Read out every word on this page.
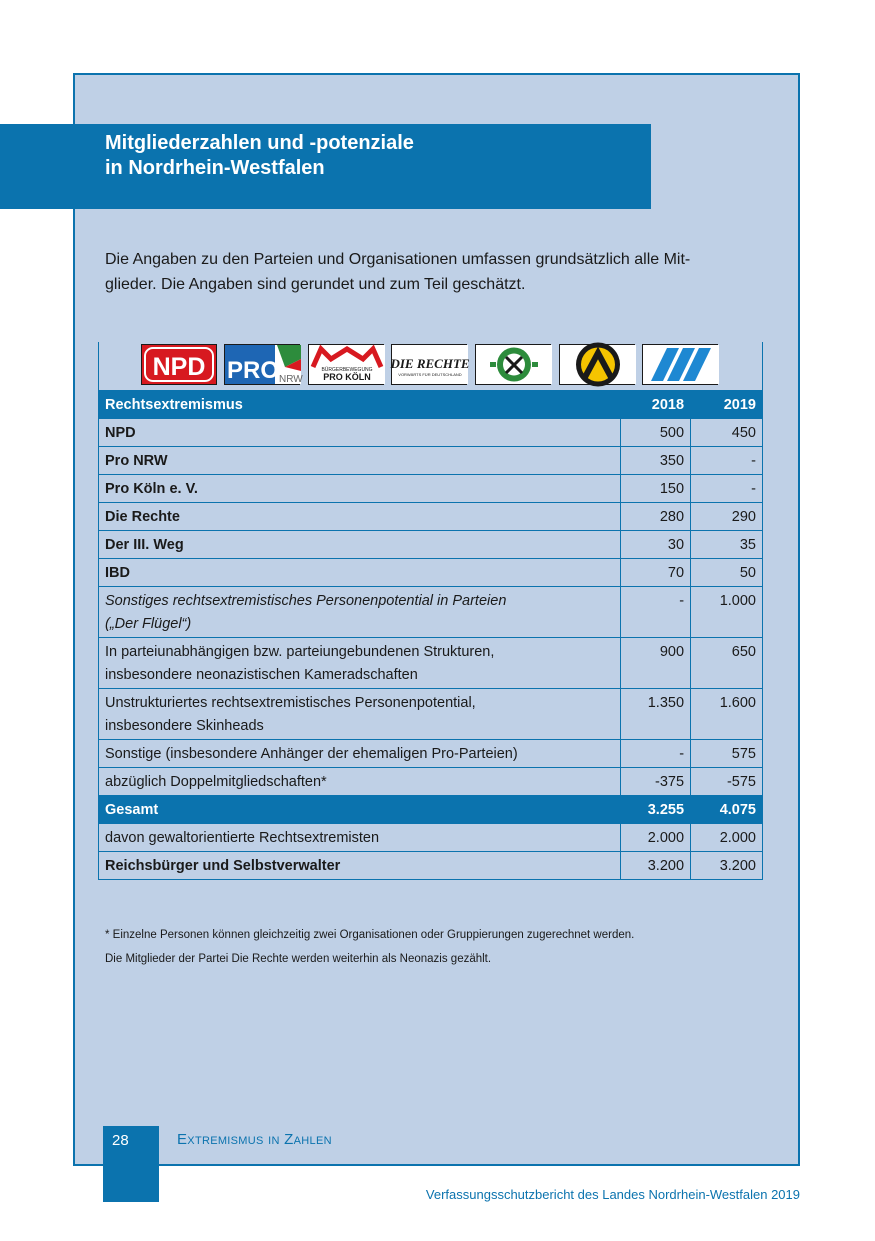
Mitgliederzahlen und -potenziale
in Nordrhein-Westfalen
Die Angaben zu den Parteien und Organisationen umfassen grundsätzlich alle Mit-
glieder. Die Angaben sind gerundet und zum Teil geschätzt.
NPD PRO NRW
BÜRGERBEWEGUNG
PRO KÖLN
DIE RECHTE
VORWÄRTS FÜR DEUTSCHLAND
Rechtsextremismus	2018	2019
NPD	500	450
Pro NRW	350	-
Pro Köln e. V.	150	-
Die Rechte	280	290
Der III. Weg	30	35
IBD	70	50

Sonstiges rechtsextremistisches Personenpotential in Parteien
(„Der Flügel“)	-	1.000

In parteiunabhängigen bzw. parteiungebundenen Strukturen,
insbesondere neonazistischen Kameradschaften	900	650

Unstrukturiertes rechtsextremistisches Personenpotential,
insbesondere Skinheads	1.350	1.600
Sonstige (insbesondere Anhänger der ehemaligen Pro-Parteien)	-	575
abzüglich Doppelmitgliedschaften*	-375	-575
Gesamt	3.255	4.075
davon gewaltorientierte Rechtsextremisten	2.000	2.000
Reichsbürger und Selbstverwalter	3.200	3.200
* Einzelne Personen können gleichzeitig zwei Organisationen oder Gruppierungen zugerechnet werden.
Die Mitglieder der Partei Die Rechte werden weiterhin als Neonazis gezählt.
28	Extremismus in Zahlen
Verfassungsschutzbericht des Landes Nordrhein-Westfalen 2019
